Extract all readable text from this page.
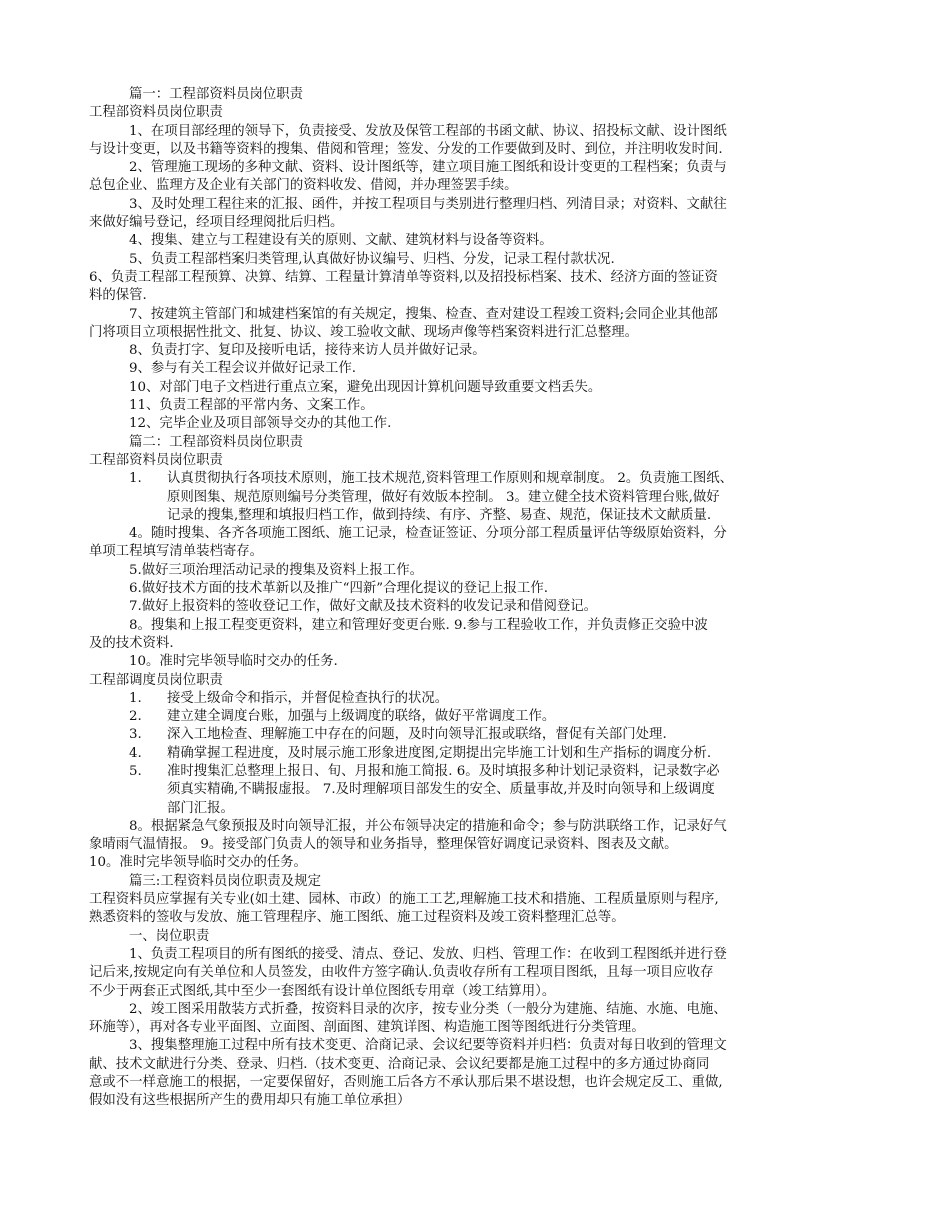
篇一：工程部资料员岗位职责
工程部资料员岗位职责
1、在项目部经理的领导下，负责接受、发放及保管工程部的书函文献、协议、招投标文献、设计图纸
与设计变更，以及书籍等资料的搜集、借阅和管理；签发、分发的工作要做到及时、到位，并注明收发时间.
2、管理施工现场的多种文献、资料、设计图纸等，建立项目施工图纸和设计变更的工程档案；负责与
总包企业、监理方及企业有关部门的资料收发、借阅，并办理签罢手续。
3、及时处理工程往来的汇报、函件，并按工程项目与类别进行整理归档、列清目录；对资料、文献往
来做好编号登记，经项目经理阅批后归档。
4、搜集、建立与工程建设有关的原则、文献、建筑材料与设备等资料。
5、负责工程部档案归类管理,认真做好协议编号、归档、分发，记录工程付款状况.
6、负责工程部工程预算、决算、结算、工程量计算清单等资料,以及招投标档案、技术、经济方面的签证资
料的保管.
7、按建筑主管部门和城建档案馆的有关规定，搜集、检查、查对建设工程竣工资料;会同企业其他部
门将项目立项根据性批文、批复、协议、竣工验收文献、现场声像等档案资料进行汇总整理。
8、负责打字、复印及接听电话，接待来访人员并做好记录。
9、参与有关工程会议并做好记录工作.
10、对部门电子文档进行重点立案，避免出现因计算机问题导致重要文档丢失。
11、负责工程部的平常内务、文案工作。
12、完毕企业及项目部领导交办的其他工作.
篇二：工程部资料员岗位职责
工程部资料员岗位职责
1. 认真贯彻执行各项技术原则，施工技术规范,资料管理工作原则和规章制度。 2。负责施工图纸、
原则图集、规范原则编号分类管理，做好有效版本控制。 3。建立健全技术资料管理台账,做好
记录的搜集,整理和填报归档工作，做到持续、有序、齐整、易查、规范，保证技术文献质量.
4。随时搜集、各齐各项施工图纸、施工记录，检查证签证、分项分部工程质量评估等级原始资料，分
单项工程填写清单装档寄存。
5.做好三项治理活动记录的搜集及资料上报工作。
6.做好技术方面的技术革新以及推广“四新”合理化提议的登记上报工作.
7.做好上报资料的签收登记工作，做好文献及技术资料的收发记录和借阅登记。
8。搜集和上报工程变更资料，建立和管理好变更台账. 9.参与工程验收工作，并负责修正交验中波
及的技术资料.
10。准时完毕领导临时交办的任务.
工程部调度员岗位职责
1. 接受上级命令和指示，并督促检查执行的状况。
2. 建立建全调度台账，加强与上级调度的联络，做好平常调度工作。
3. 深入工地检查、理解施工中存在的问题，及时向领导汇报或联络，督促有关部门处理.
4. 精确掌握工程进度，及时展示施工形象进度图,定期提出完毕施工计划和生产指标的调度分析.
5. 准时搜集汇总整理上报日、旬、月报和施工简报. 6。及时填报多种计划记录资料，记录数字必
须真实精确,不瞒报虚报。 7.及时理解项目部发生的安全、质量事故,并及时向领导和上级调度
部门汇报。
8。根据紧急气象预报及时向领导汇报，并公布领导决定的措施和命令；参与防洪联络工作，记录好气
象晴雨气温情报。 9。接受部门负责人的领导和业务指导，整理保管好调度记录资料、图表及文献。
10。准时完毕领导临时交办的任务。
篇三:工程资料员岗位职责及规定
工程资料员应掌握有关专业(如土建、园林、市政）的施工工艺,理解施工技术和措施、工程质量原则与程序,
熟悉资料的签收与发放、施工管理程序、施工图纸、施工过程资料及竣工资料整理汇总等。
一、岗位职责
1、负责工程项目的所有图纸的接受、清点、登记、发放、归档、管理工作：在收到工程图纸并进行登
记后来,按规定向有关单位和人员签发，由收件方签字确认.负责收存所有工程项目图纸，且每一项目应收存
不少于两套正式图纸,其中至少一套图纸有设计单位图纸专用章（竣工结算用）。
2、竣工图采用散装方式折叠，按资料目录的次序，按专业分类（一般分为建施、结施、水施、电施、
环施等），再对各专业平面图、立面图、剖面图、建筑详图、构造施工图等图纸进行分类管理。
3、搜集整理施工过程中所有技术变更、洽商记录、会议纪要等资料并归档：负责对每日收到的管理文
献、技术文献进行分类、登录、归档.（技术变更、洽商记录、会议纪要都是施工过程中的多方通过协商同
意或不一样意施工的根据，一定要保留好，否则施工后各方不承认那后果不堪设想，也许会规定反工、重做,
假如没有这些根据所产生的费用却只有施工单位承担）
